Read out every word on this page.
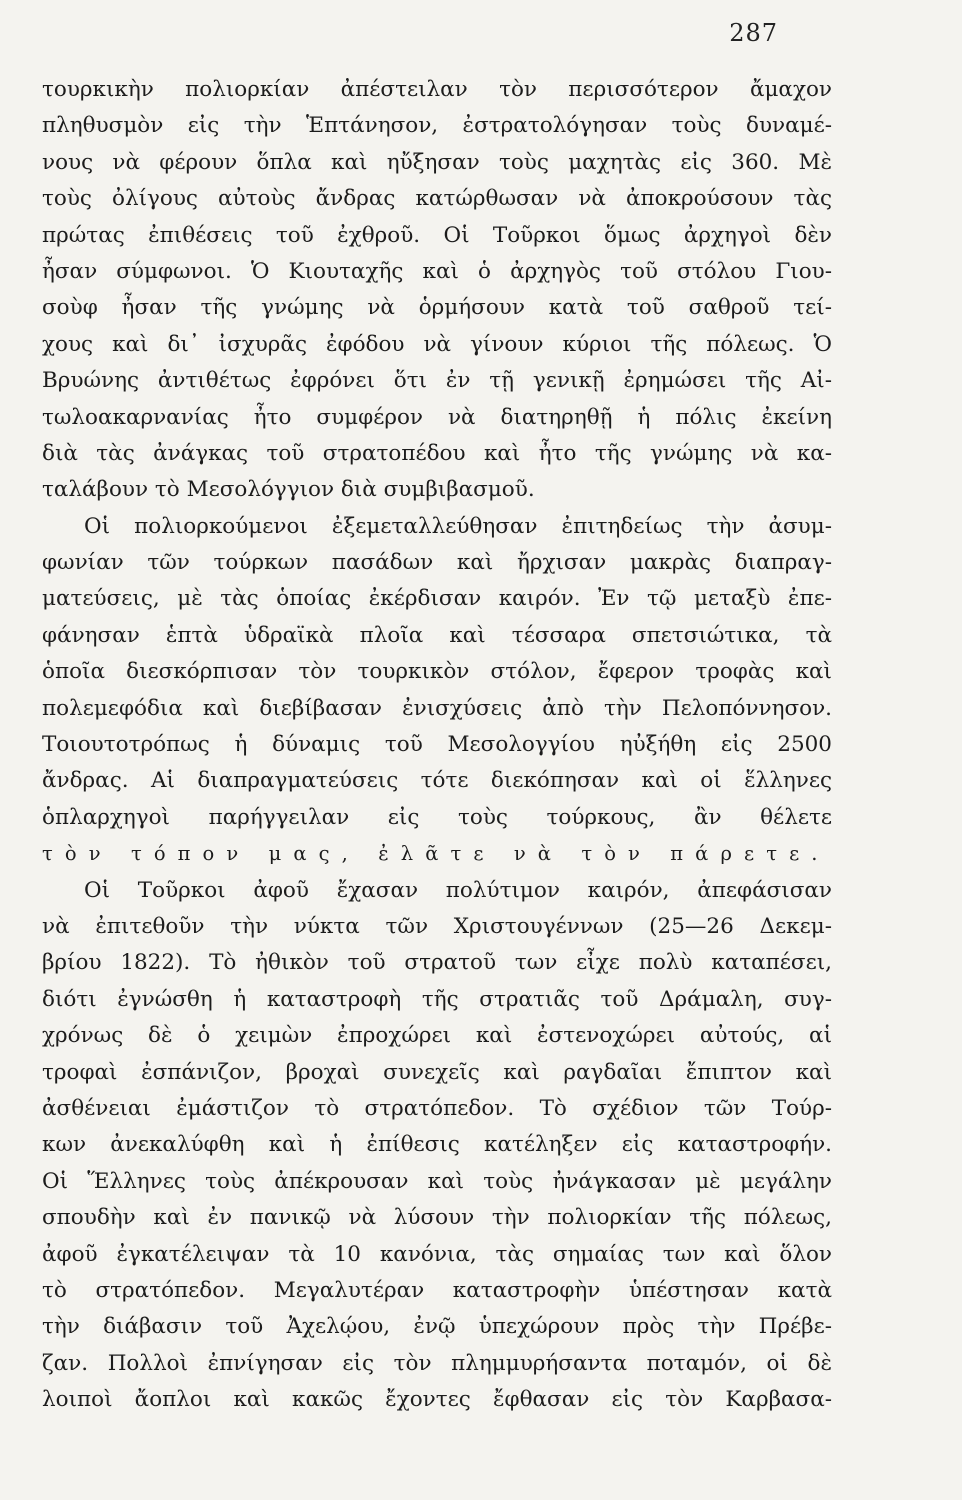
287
τουρκικὴν πολιορκίαν ἀπέστειλαν τὸν περισσότερον ἄμαχον
πληθυσμὸν εἰς τὴν Ἑπτάνησον, ἐστρατολόγησαν τοὺς δυναμέ-
νους νὰ φέρουν ὅπλα καὶ ηὔξησαν τοὺς μαχητὰς εἰς 360. Μὲ
τοὺς ὀλίγους αὐτοὺς ἄνδρας κατώρθωσαν νὰ ἀποκρούσουν τὰς
πρώτας ἐπιθέσεις τοῦ ἐχθροῦ. Οἱ Τοῦρκοι ὅμως ἀρχηγοὶ δὲν
ἦσαν σύμφωνοι. Ὁ Κιουταχῆς καὶ ὁ ἀρχηγὸς τοῦ στόλου Γιου-
σοὺφ ἦσαν τῆς γνώμης νὰ ὁρμήσουν κατὰ τοῦ σαθροῦ τεί-
χους καὶ δι᾽ ἰσχυρᾶς ἐφόδου νὰ γίνουν κύριοι τῆς πόλεως. Ὁ
Βρυώνης ἀντιθέτως ἐφρόνει ὅτι ἐν τῇ γενικῇ ἐρημώσει τῆς Αἰ-
τωλοακαρνανίας ἦτο συμφέρον νὰ διατηρηθῇ ἡ πόλις ἐκείνη
διὰ τὰς ἀνάγκας τοῦ στρατοπέδου καὶ ἦτο τῆς γνώμης νὰ κα-
ταλάβουν τὸ Μεσολόγγιον διὰ συμβιβασμοῦ.
Οἱ πολιορκούμενοι ἐξεμεταλλεύθησαν ἐπιτηδείως τὴν ἀσυμ-
φωνίαν τῶν τούρκων πασάδων καὶ ἤρχισαν μακρὰς διαπραγ-
ματεύσεις, μὲ τὰς ὁποίας ἐκέρδισαν καιρόν. Ἐν τῷ μεταξὺ ἐπε-
φάνησαν ἑπτὰ ὑδραϊκὰ πλοῖα καὶ τέσσαρα σπετσιώτικα, τὰ
ὁποῖα διεσκόρπισαν τὸν τουρκικὸν στόλον, ἔφερον τροφὰς καὶ
πολεμεφόδια καὶ διεβίβασαν ἐνισχύσεις ἀπὸ τὴν Πελοπόννησον.
Τοιουτοτρόπως ἡ δύναμις τοῦ Μεσολογγίου ηὐξήθη εἰς 2500
ἄνδρας. Αἱ διαπραγματεύσεις τότε διεκόπησαν καὶ οἱ ἕλληνες
ὁπλαρχηγοὶ παρήγγειλαν εἰς τοὺς τούρκους, ἂν θέλετε
τὸν τόπον μας, ἐλᾶτε νὰ τὸν πάρετε.
Οἱ Τοῦρκοι ἀφοῦ ἔχασαν πολύτιμον καιρόν, ἀπεφάσισαν
νὰ ἐπιτεθοῦν τὴν νύκτα τῶν Χριστουγέννων (25—26 Δεκεμ-
βρίου 1822). Τὸ ἠθικὸν τοῦ στρατοῦ των εἶχε πολὺ καταπέσει,
διότι ἐγνώσθη ἡ καταστροφὴ τῆς στρατιᾶς τοῦ Δράμαλη, συγ-
χρόνως δὲ ὁ χειμὼν ἐπροχώρει καὶ ἐστενοχώρει αὐτούς, αἱ
τροφαὶ ἐσπάνιζον, βροχαὶ συνεχεῖς καὶ ραγδαῖαι ἔπιπτον καὶ
ἀσθένειαι ἐμάστιζον τὸ στρατόπεδον. Τὸ σχέδιον τῶν Τούρ-
κων ἀνεκαλύφθη καὶ ἡ ἐπίθεσις κατέληξεν εἰς καταστροφήν.
Οἱ Ἕλληνες τοὺς ἀπέκρουσαν καὶ τοὺς ἠνάγκασαν μὲ μεγάλην
σπουδὴν καὶ ἐν πανικῷ νὰ λύσουν τὴν πολιορκίαν τῆς πόλεως,
ἀφοῦ ἐγκατέλειψαν τὰ 10 κανόνια, τὰς σημαίας των καὶ ὅλον
τὸ στρατόπεδον. Μεγαλυτέραν καταστροφὴν ὑπέστησαν κατὰ
τὴν διάβασιν τοῦ Ἀχελῴου, ἐνῷ ὑπεχώρουν πρὸς τὴν Πρέβε-
ζαν. Πολλοὶ ἐπνίγησαν εἰς τὸν πλημμυρήσαντα ποταμόν, οἱ δὲ
λοιποὶ ἄοπλοι καὶ κακῶς ἔχοντες ἔφθασαν εἰς τὸν Καρβασα-
